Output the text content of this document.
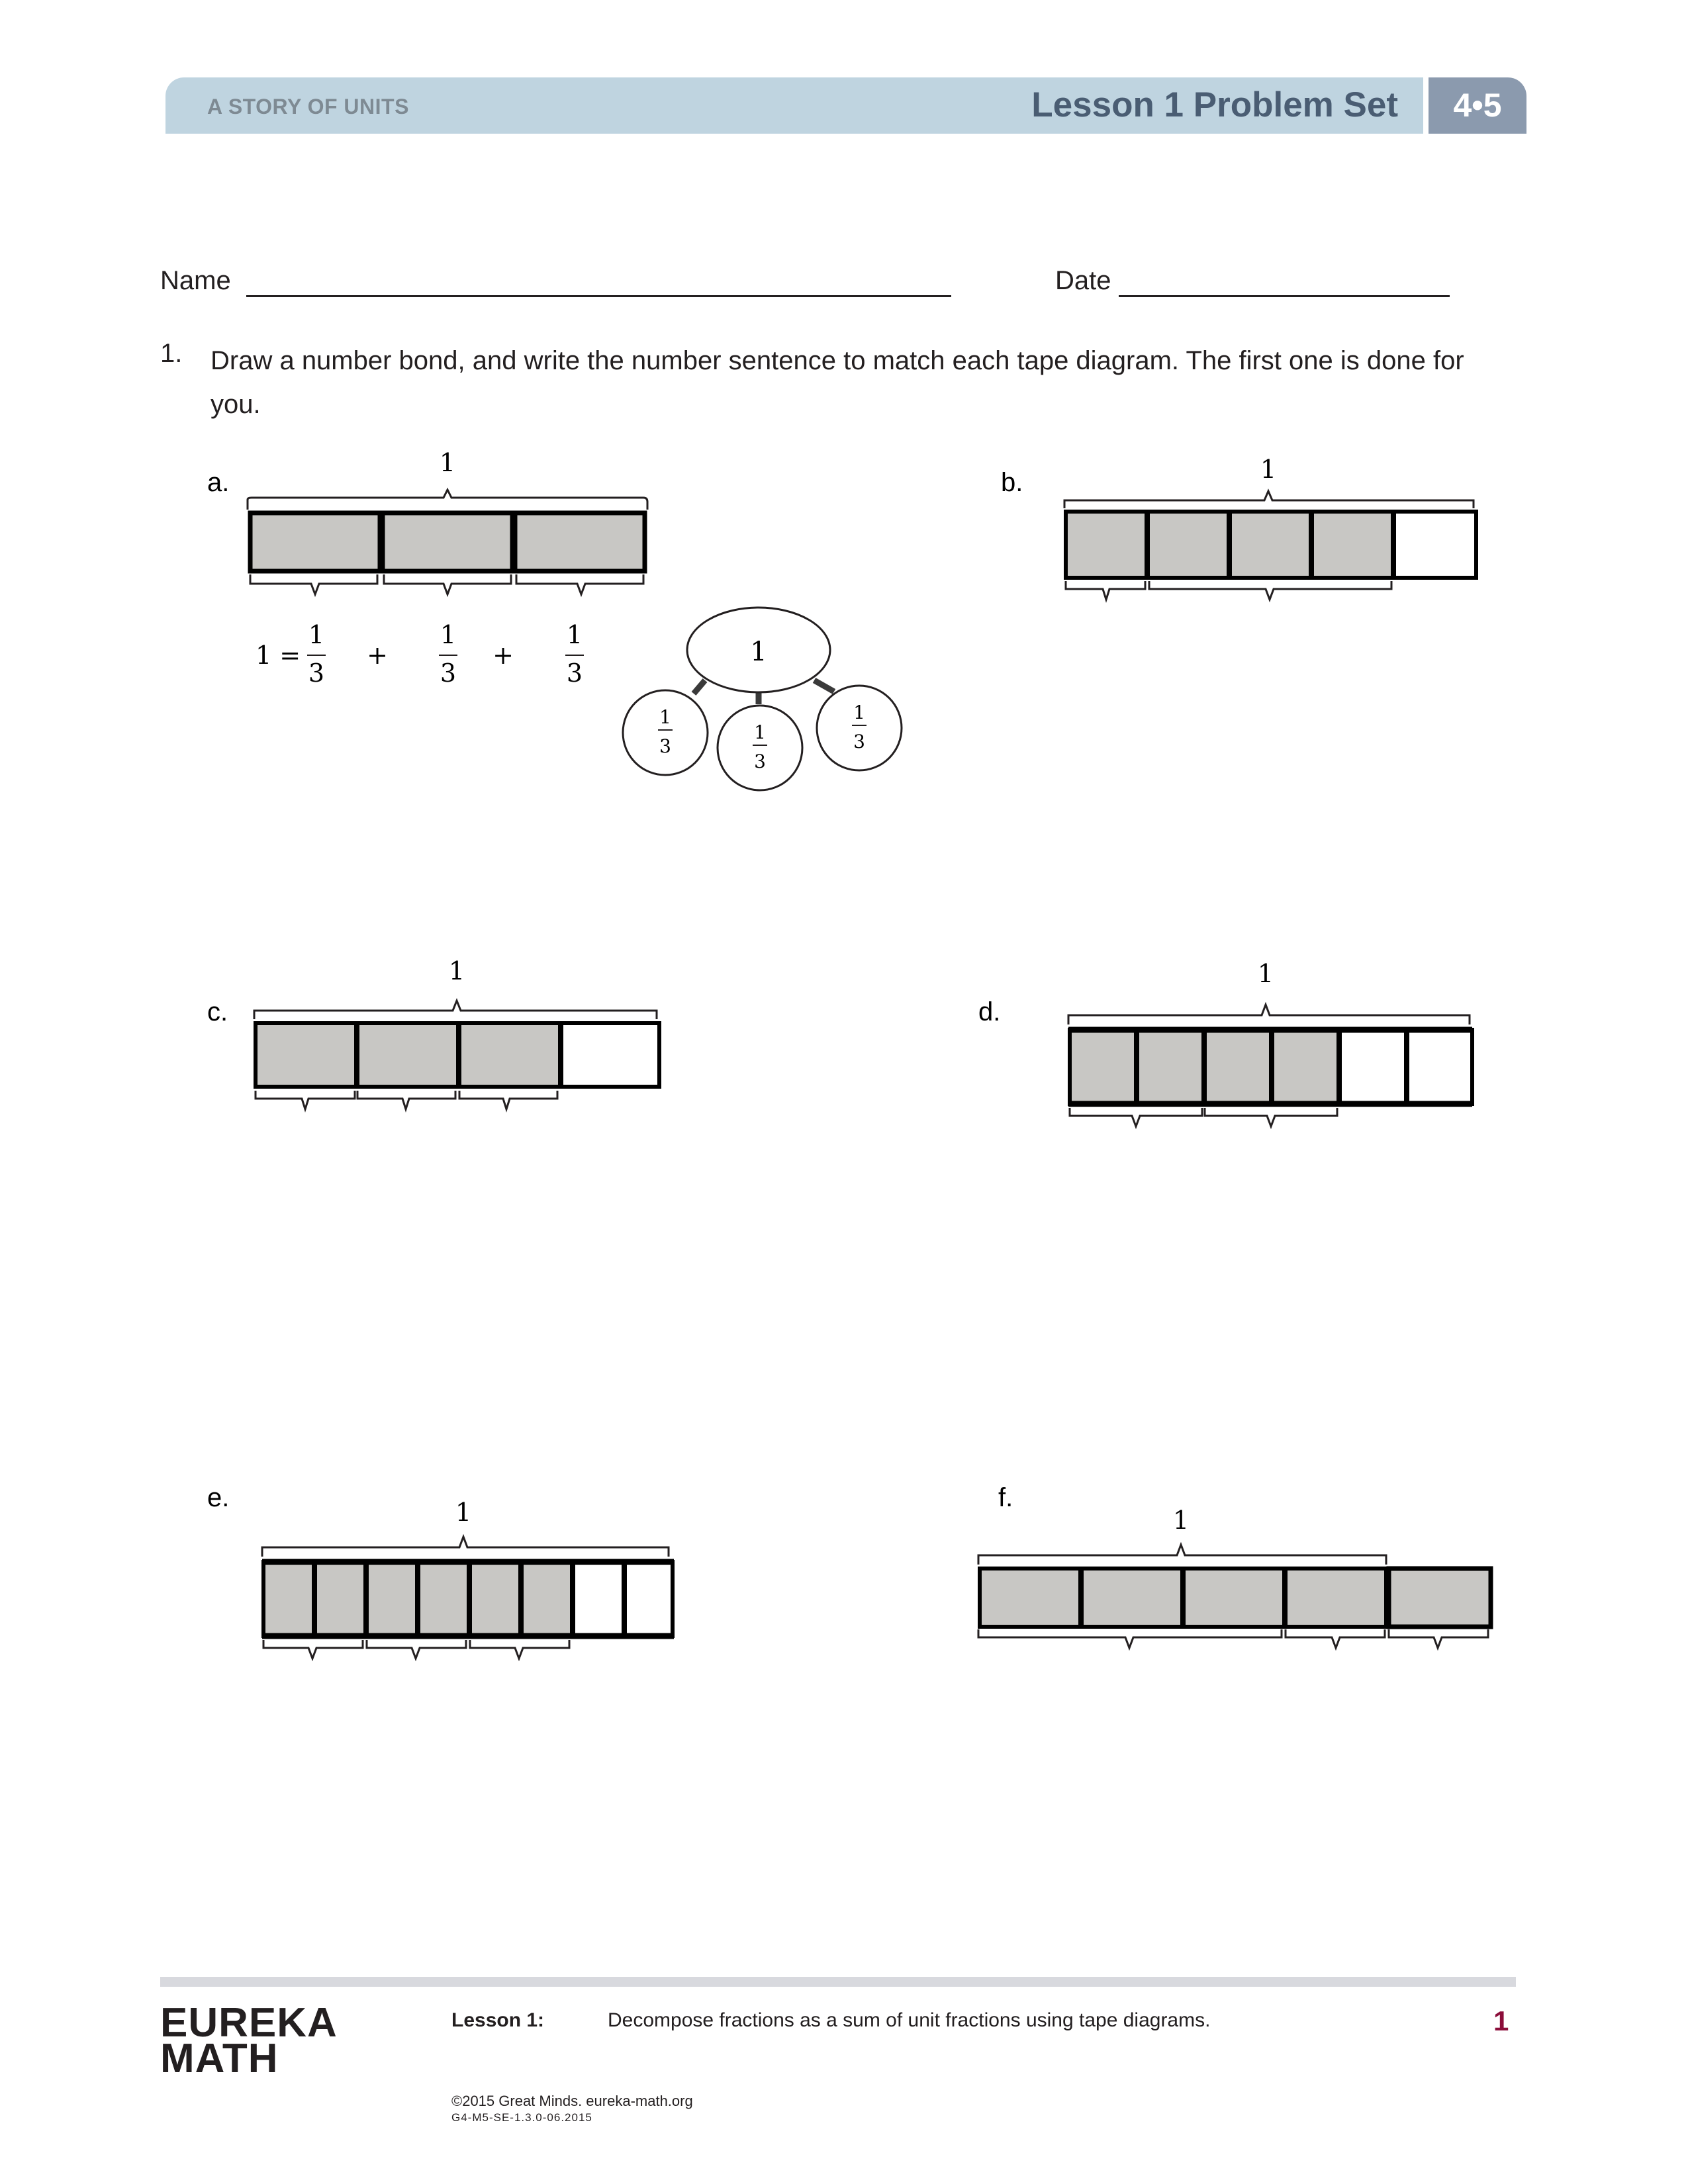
A STORY OF UNITS	Lesson 1 Problem Set	4•5
Name	Date
1. Draw a number bond, and write the number sentence to match each tape diagram. The first one is done for you.
a.
1
1 =
1
3
+
1
3
+
1
3
1
1
3
1
3
1
3
b.	1
c.
1
d.
1
e.	1	f.
1
EUREKA
MATH
Lesson 1:	Decompose fractions as a sum of unit fractions using tape diagrams.	1
©2015 Great Minds. eureka-math.org
G4-M5-SE-1.3.0-06.2015
